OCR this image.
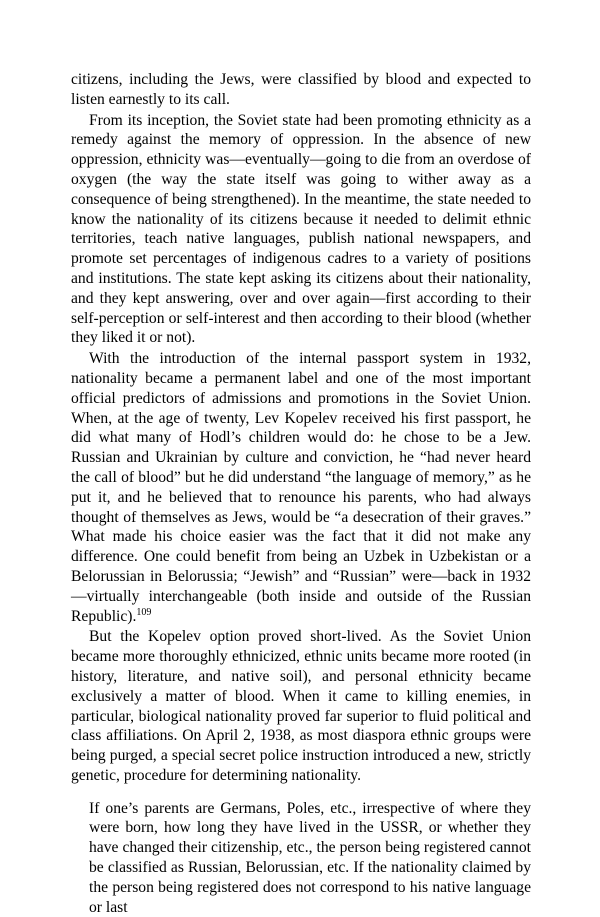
citizens, including the Jews, were classified by blood and expected to listen earnestly to its call.

From its inception, the Soviet state had been promoting ethnicity as a remedy against the memory of oppression. In the absence of new oppression, ethnicity was—eventually—going to die from an overdose of oxygen (the way the state itself was going to wither away as a consequence of being strengthened). In the meantime, the state needed to know the nationality of its citizens because it needed to delimit ethnic territories, teach native languages, publish national newspapers, and promote set percentages of indigenous cadres to a variety of positions and institutions. The state kept asking its citizens about their nationality, and they kept answering, over and over again—first according to their self-perception or self-interest and then according to their blood (whether they liked it or not).

With the introduction of the internal passport system in 1932, nationality became a permanent label and one of the most important official predictors of admissions and promotions in the Soviet Union. When, at the age of twenty, Lev Kopelev received his first passport, he did what many of Hodl’s children would do: he chose to be a Jew. Russian and Ukrainian by culture and conviction, he “had never heard the call of blood” but he did understand “the language of memory,” as he put it, and he believed that to renounce his parents, who had always thought of themselves as Jews, would be “a desecration of their graves.” What made his choice easier was the fact that it did not make any difference. One could benefit from being an Uzbek in Uzbekistan or a Belorussian in Belorussia; “Jewish” and “Russian” were—back in 1932—virtually interchangeable (both inside and outside of the Russian Republic).$^{109}$

But the Kopelev option proved short-lived. As the Soviet Union became more thoroughly ethnicized, ethnic units became more rooted (in history, literature, and native soil), and personal ethnicity became exclusively a matter of blood. When it came to killing enemies, in particular, biological nationality proved far superior to fluid political and class affiliations. On April 2, 1938, as most diaspora ethnic groups were being purged, a special secret police instruction introduced a new, strictly genetic, procedure for determining nationality.

If one’s parents are Germans, Poles, etc., irrespective of where they were born, how long they have lived in the USSR, or whether they have changed their citizenship, etc., the person being registered cannot be classified as Russian, Belorussian, etc. If the nationality claimed by the person being registered does not correspond to his native language or last
